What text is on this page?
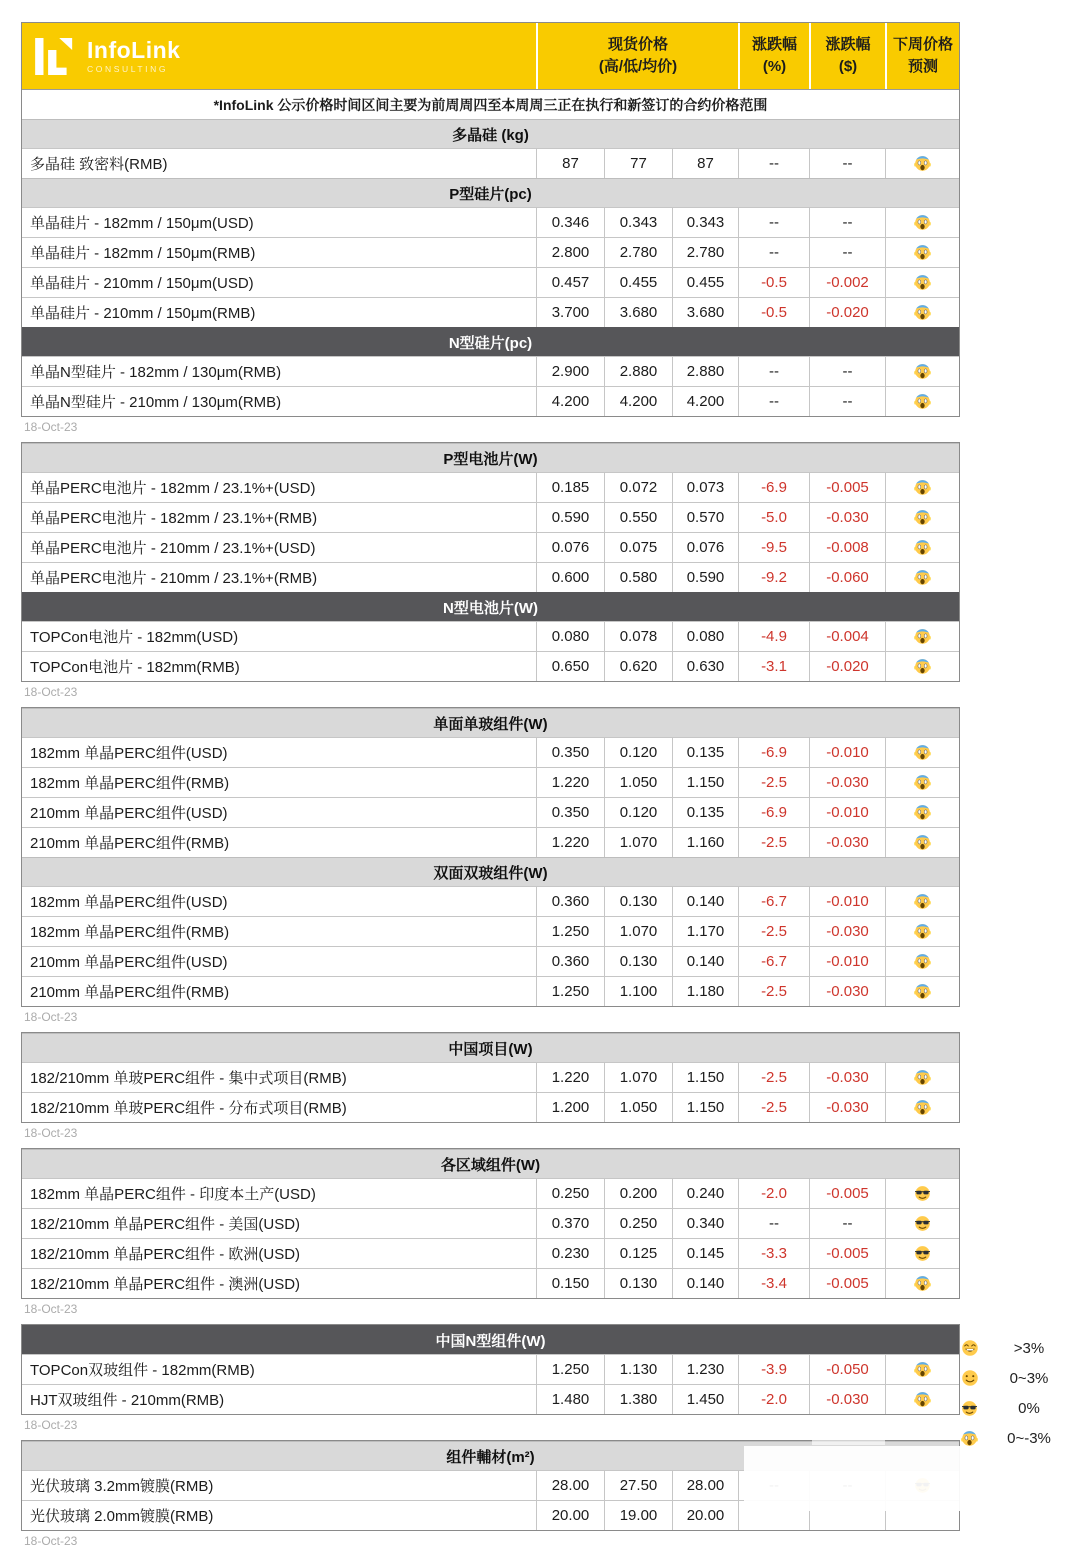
InfoLink
CONSULTING
现货价格
(高/低/均价)
涨跌幅
(%)
涨跌幅
($)
下周价格
预测
*InfoLink 公示价格时间区间主要为前周周四至本周周三正在执行和新签订的合约价格范围
多晶硅 (kg)
多晶硅 致密料(RMB)	87	77	87	--	--
P型硅片(pc)
单晶硅片 - 182mm / 150μm(USD)	0.346	0.343	0.343	--	--
单晶硅片 - 182mm / 150μm(RMB)	2.800	2.780	2.780	--	--
单晶硅片 - 210mm / 150μm(USD)	0.457	0.455	0.455	-0.5	-0.002
单晶硅片 - 210mm / 150μm(RMB)	3.700	3.680	3.680	-0.5	-0.020
N型硅片(pc)
单晶N型硅片 - 182mm / 130μm(RMB)	2.900	2.880	2.880	--	--
单晶N型硅片 - 210mm / 130μm(RMB)	4.200	4.200	4.200	--	--
18-Oct-23
P型电池片(W)
单晶PERC电池片 - 182mm / 23.1%+(USD)	0.185	0.072	0.073	-6.9	-0.005
单晶PERC电池片 - 182mm / 23.1%+(RMB)	0.590	0.550	0.570	-5.0	-0.030
单晶PERC电池片 - 210mm / 23.1%+(USD)	0.076	0.075	0.076	-9.5	-0.008
单晶PERC电池片 - 210mm / 23.1%+(RMB)	0.600	0.580	0.590	-9.2	-0.060
N型电池片(W)
TOPCon电池片 - 182mm(USD)	0.080	0.078	0.080	-4.9	-0.004
TOPCon电池片 - 182mm(RMB)	0.650	0.620	0.630	-3.1	-0.020
18-Oct-23
单面单玻组件(W)
182mm 单晶PERC组件(USD)	0.350	0.120	0.135	-6.9	-0.010
182mm 单晶PERC组件(RMB)	1.220	1.050	1.150	-2.5	-0.030
210mm 单晶PERC组件(USD)	0.350	0.120	0.135	-6.9	-0.010
210mm 单晶PERC组件(RMB)	1.220	1.070	1.160	-2.5	-0.030
双面双玻组件(W)
182mm 单晶PERC组件(USD)	0.360	0.130	0.140	-6.7	-0.010
182mm 单晶PERC组件(RMB)	1.250	1.070	1.170	-2.5	-0.030
210mm 单晶PERC组件(USD)	0.360	0.130	0.140	-6.7	-0.010
210mm 单晶PERC组件(RMB)	1.250	1.100	1.180	-2.5	-0.030
18-Oct-23
中国项目(W)
182/210mm 单玻PERC组件 - 集中式项目(RMB)	1.220	1.070	1.150	-2.5	-0.030
182/210mm 单玻PERC组件 - 分布式项目(RMB)	1.200	1.050	1.150	-2.5	-0.030
18-Oct-23
各区域组件(W)
182mm 单晶PERC组件 - 印度本土产(USD)	0.250	0.200	0.240	-2.0	-0.005
182/210mm 单晶PERC组件 - 美国(USD)	0.370	0.250	0.340	--	--
182/210mm 单晶PERC组件 - 欧洲(USD)	0.230	0.125	0.145	-3.3	-0.005
182/210mm 单晶PERC组件 - 澳洲(USD)	0.150	0.130	0.140	-3.4	-0.005
18-Oct-23
中国N型组件(W)
TOPCon双玻组件 - 182mm(RMB)	1.250	1.130	1.230	-3.9	-0.050
HJT双玻组件 - 210mm(RMB)	1.480	1.380	1.450	-2.0	-0.030
18-Oct-23
组件輔材(m²)
光伏玻璃 3.2mm镀膜(RMB)	28.00	27.50	28.00
光伏玻璃 2.0mm镀膜(RMB)	20.00	19.00	20.00
18-Oct-23
>3%
0~3%
0%
0~-3%
